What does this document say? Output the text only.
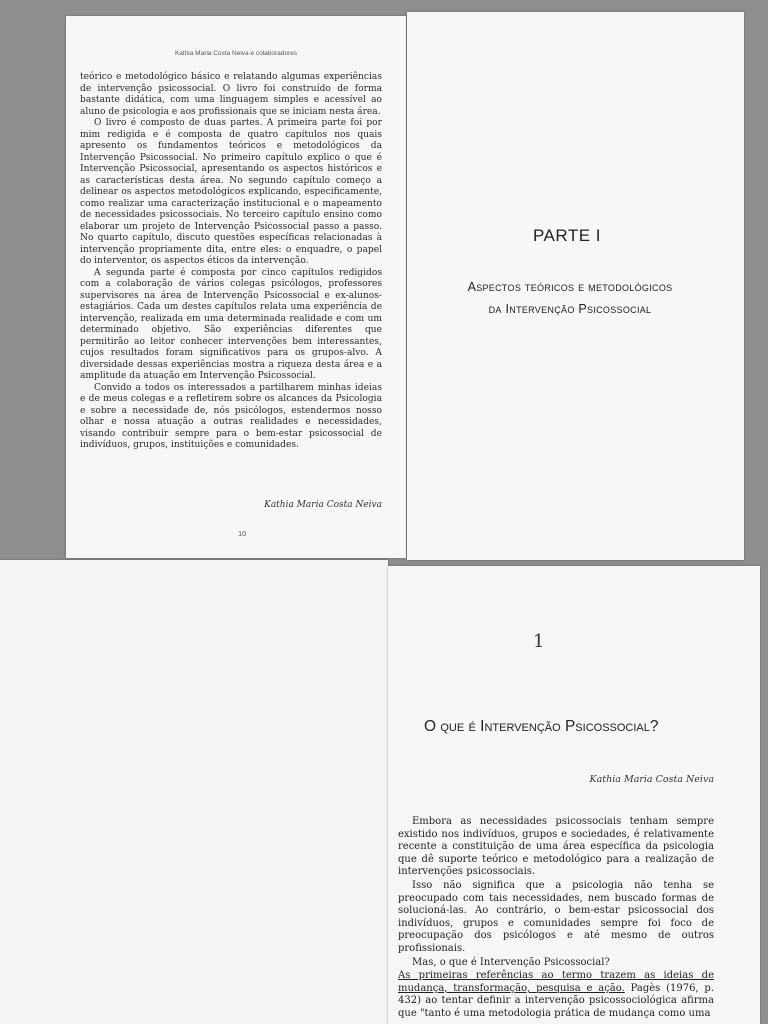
Kathia Maria Costa Neiva e colaboradores

teórico e metodológico básico e relatando algumas experiências de intervenção psicossocial. O livro foi construído de forma bastante didática, com uma linguagem simples e acessível ao aluno de psicologia e aos profissionais que se iniciam nesta área.

O livro é composto de duas partes. A primeira parte foi por mim redigida e é composta de quatro capítulos nos quais apresento os fundamentos teóricos e metodológicos da Intervenção Psicossocial. No primeiro capítulo explico o que é Intervenção Psicossocial, apresentando os aspectos históricos e as características desta área. No segundo capítulo começo a delinear os aspectos metodológicos explicando, especificamente, como realizar uma caracterização institucional e o mapeamento de necessidades psicossociais. No terceiro capítulo ensino como elaborar um projeto de Intervenção Psicossocial passo a passo. No quarto capítulo, discuto questões específicas relacionadas à intervenção propriamente dita, entre eles: o enquadre, o papel do interventor, os aspectos éticos da intervenção.

A segunda parte é composta por cinco capítulos redigidos com a colaboração de vários colegas psicólogos, professores supervisores na área de Intervenção Psicossocial e ex-alunos-estagiários. Cada um destes capítulos relata uma experiência de intervenção, realizada em uma determinada realidade e com um determinado objetivo. São experiências diferentes que permitirão ao leitor conhecer intervenções bem interessantes, cujos resultados foram significativos para os grupos-alvo. A diversidade dessas experiências mostra a riqueza desta área e a amplitude da atuação em Intervenção Psicossocial.

Convido a todos os interessados a partilharem minhas ideias e de meus colegas e a refletirem sobre os alcances da Psicologia e sobre a necessidade de, nós psicólogos, estendermos nosso olhar e nossa atuação a outras realidades e necessidades, visando contribuir sempre para o bem-estar psicossocial de indivíduos, grupos, instituições e comunidades.

Kathia Maria Costa Neiva
10
PARTE I
Aspectos teóricos e metodológicos
da Intervenção Psicossocial
1
O que é Intervenção Psicossocial?
Kathia Maria Costa Neiva

Embora as necessidades psicossociais tenham sempre existido nos indivíduos, grupos e sociedades, é relativamente recente a constituição de uma área específica da psicologia que dê suporte teórico e metodológico para a realização de intervenções psicossociais.

Isso não significa que a psicologia não tenha se preocupado com tais necessidades, nem buscado formas de solucioná-las. Ao contrário, o bem-estar psicossocial dos indivíduos, grupos e comunidades sempre foi foco de preocupação dos psicólogos e até mesmo de outros profissionais.

Mas, o que é Intervenção Psicossocial?

As primeiras referências ao termo trazem as ideias de mudança, transformação, pesquisa e ação. Pagès (1976, p. 432) ao tentar definir a intervenção psicossociológica afirma que "tanto é uma metodologia prática de mudança como uma
